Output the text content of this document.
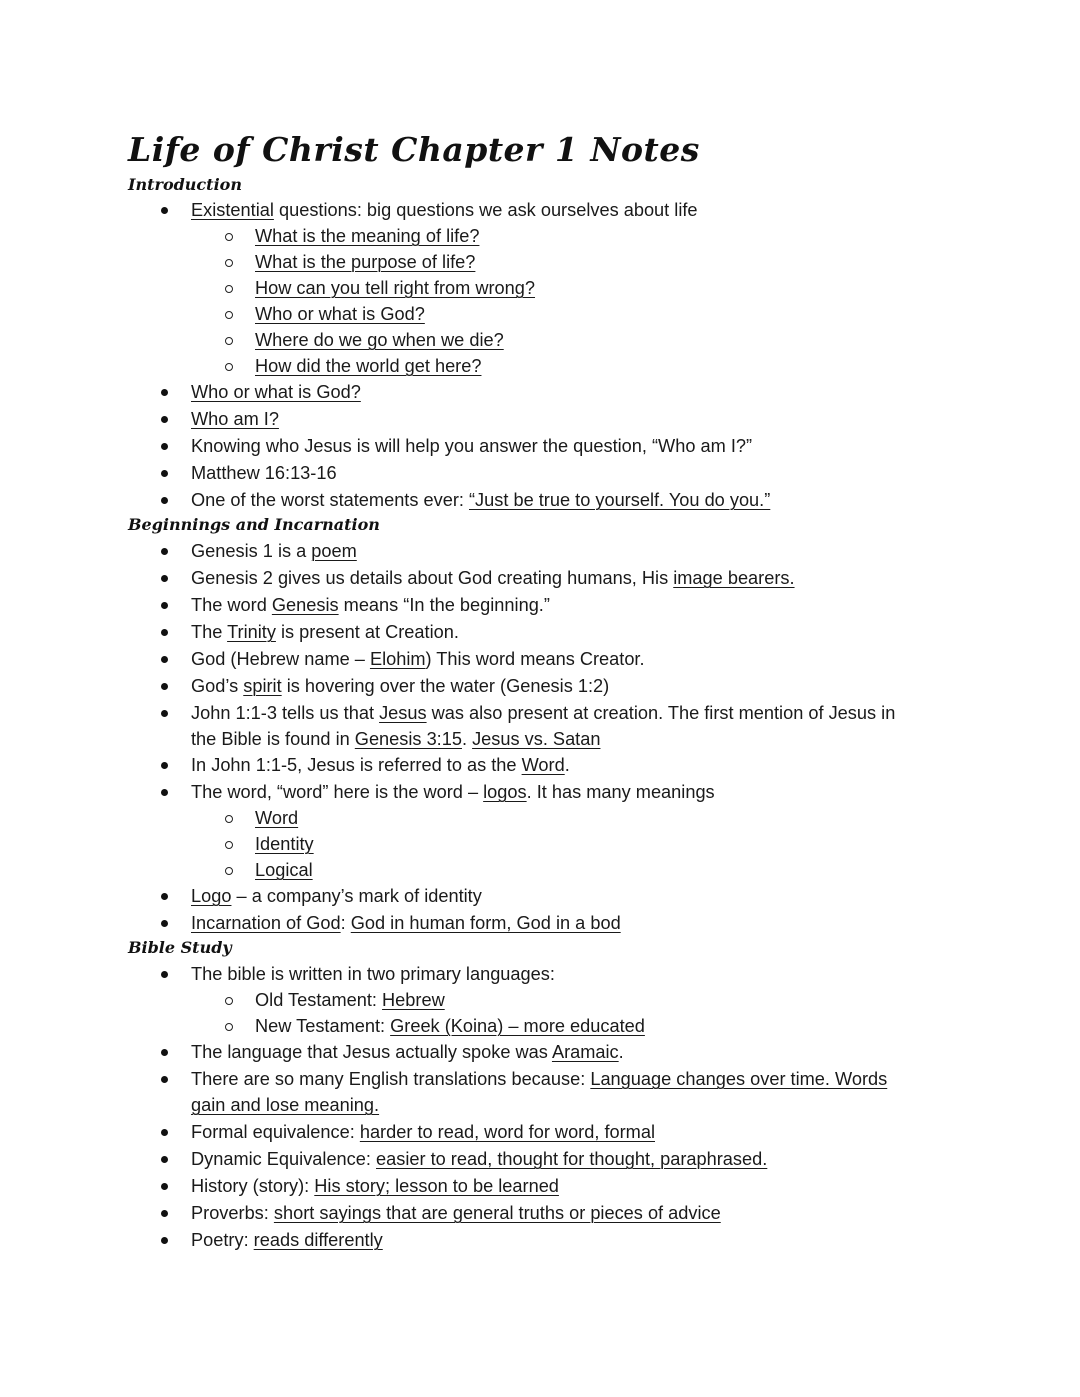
Life of Christ Chapter 1 Notes
Introduction
Existential questions: big questions we ask ourselves about life
What is the meaning of life?
What is the purpose of life?
How can you tell right from wrong?
Who or what is God?
Where do we go when we die?
How did the world get here?
Who or what is God?
Who am I?
Knowing who Jesus is will help you answer the question, “Who am I?”
Matthew 16:13-16
One of the worst statements ever: “Just be true to yourself. You do you.”
Beginnings and Incarnation
Genesis 1 is a poem
Genesis 2 gives us details about God creating humans, His image bearers.
The word Genesis means “In the beginning.”
The Trinity is present at Creation.
God (Hebrew name – Elohim) This word means Creator.
God’s spirit is hovering over the water (Genesis 1:2)
John 1:1-3 tells us that Jesus was also present at creation. The first mention of Jesus in
the Bible is found in Genesis 3:15. Jesus vs. Satan
In John 1:1-5, Jesus is referred to as the Word.
The word, “word” here is the word – logos. It has many meanings
Word
Identity
Logical
Logo – a company’s mark of identity
Incarnation of God: God in human form, God in a bod
Bible Study
The bible is written in two primary languages:
Old Testament: Hebrew
New Testament: Greek (Koina) – more educated
The language that Jesus actually spoke was Aramaic.
There are so many English translations because: Language changes over time. Words
gain and lose meaning.
Formal equivalence: harder to read, word for word, formal
Dynamic Equivalence: easier to read, thought for thought, paraphrased.
History (story): His story; lesson to be learned
Proverbs: short sayings that are general truths or pieces of advice
Poetry: reads differently
